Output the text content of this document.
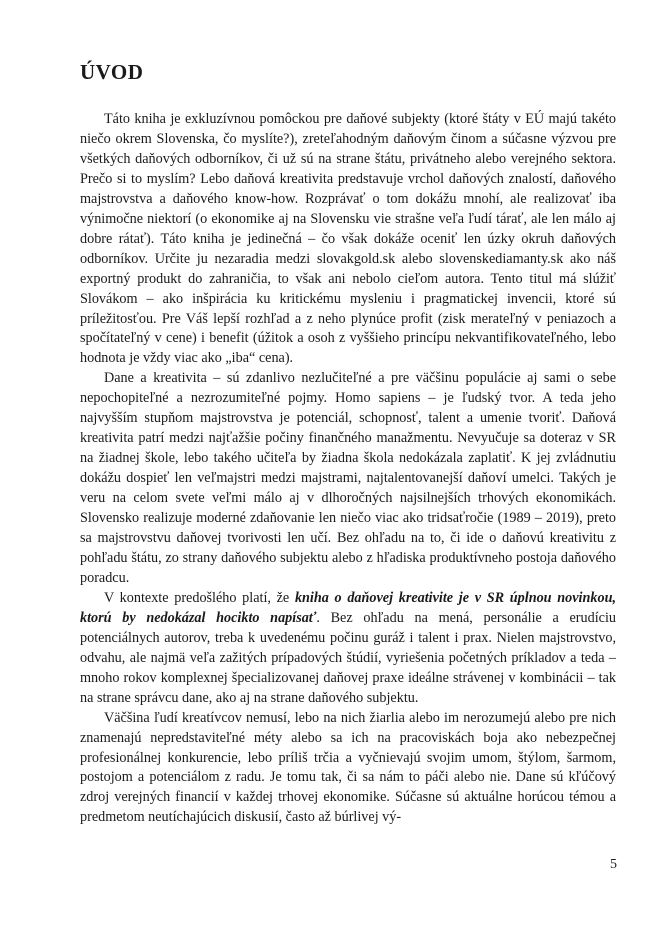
ÚVOD

Táto kniha je exkluzívnou pomôckou pre daňové subjekty (ktoré štáty v EÚ majú takéto niečo okrem Slovenska, čo myslíte?), zreteľahodným daňovým činom a súčasne výzvou pre všetkých daňových odborníkov, či už sú na strane štátu, privátneho alebo verejného sektora. Prečo si to myslím? Lebo daňová kreativita predstavuje vrchol daňových znalostí, daňového majstrovstva a daňového know-how. Rozprávať o tom dokážu mnohí, ale realizovať iba výnimočne niektorí (o ekonomike aj na Slovensku vie strašne veľa ľudí tárať, ale len málo aj dobre rátať). Táto kniha je jedinečná – čo však dokáže oceniť len úzky okruh daňových odborníkov. Určite ju nezaradia medzi slovakgold.sk alebo slovenskediamanty.sk ako náš exportný produkt do zahraničia, to však ani nebolo cieľom autora. Tento titul má slúžiť Slovákom – ako inšpirácia ku kritickému mysleniu i pragmatickej invencii, ktoré sú príležitosťou. Pre Váš lepší rozhľad a z neho plynúce profit (zisk merateľný v peniazoch a spočítateľný v cene) i benefit (úžitok a osoh z vyššieho princípu nekvantifikovateľného, lebo hodnota je vždy viac ako „iba“ cena).

Dane a kreativita – sú zdanlivo nezlučiteľné a pre väčšinu populácie aj sami o sebe nepochopiteľné a nezrozumiteľné pojmy. Homo sapiens – je ľudský tvor. A teda jeho najvyšším stupňom majstrovstva je potenciál, schopnosť, talent a umenie tvoriť. Daňová kreativita patrí medzi najťažšie počiny finančného manažmentu. Nevyučuje sa doteraz v SR na žiadnej škole, lebo takého učiteľa by žiadna škola nedokázala zaplatiť. K jej zvládnutiu dokážu dospieť len veľmajstri medzi majstrami, najtalentovanejší daňoví umelci. Takých je veru na celom svete veľmi málo aj v dlhoročných najsilnejších trhových ekonomikách. Slovensko realizuje moderné zdaňovanie len niečo viac ako tridsaťročie (1989 – 2019), preto sa majstrovstvu daňovej tvorivosti len učí. Bez ohľadu na to, či ide o daňovú kreativitu z pohľadu štátu, zo strany daňového subjektu alebo z hľadiska produktívneho postoja daňového poradcu.

V kontexte predošlého platí, že kniha o daňovej kreativite je v SR úplnou novinkou, ktorú by nedokázal hocikto napísať. Bez ohľadu na mená, personálie a erudíciu potenciálnych autorov, treba k uvedenému počinu guráž i talent i prax. Nielen majstrovstvo, odvahu, ale najmä veľa zažitých prípadových štúdií, vyriešenia početných príkladov a teda – mnoho rokov komplexnej špecializovanej daňovej praxe ideálne strávenej v kombinácii – tak na strane správcu dane, ako aj na strane daňového subjektu.

Väčšina ľudí kreatívcov nemusí, lebo na nich žiarlia alebo im nerozumejú alebo pre nich znamenajú nepredstaviteľné méty alebo sa ich na pracoviskách boja ako nebezpečnej profesionálnej konkurencie, lebo príliš trčia a vyčnievajú svojim umom, štýlom, šarmom, postojom a potenciálom z radu. Je tomu tak, či sa nám to páči alebo nie. Dane sú kľúčový zdroj verejných financií v každej trhovej ekonomike. Súčasne sú aktuálne horúcou témou a predmetom neutíchajúcich diskusií, často až búrlivej vý-

5
